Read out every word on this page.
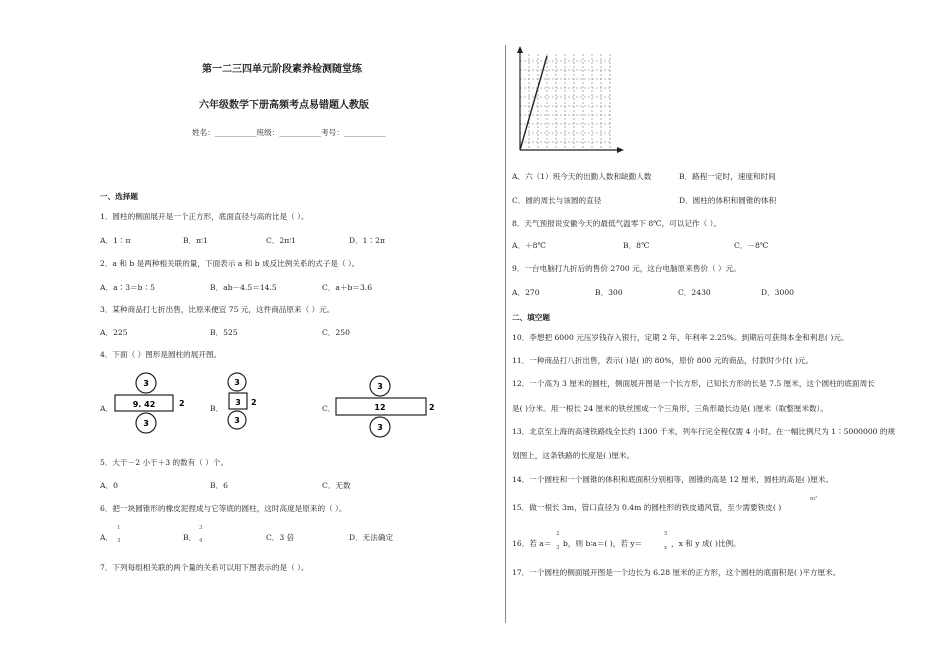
第一二三四单元阶段素养检测随堂练
六年级数学下册高频考点易错题人教版
姓名：___________班级：___________考号：___________
一、选择题
1．圆柱的侧面展开是一个正方形，底面直径与高的比是（ ）。
A．1∶π	B．π∶1	C．2π∶1	D．1∶2π
2．a 和 b 是两种相关联的量，下面表示 a 和 b 成反比例关系的式子是（ ）。
A．a∶3＝b∶5	B．ab－4.5＝14.5	C．a＋b＝3.6
3．某种商品打七折出售，比原来便宜 75 元，这件商品原来（ ）元。
A．225	B．525	C．250
4．下面（ ）图形是圆柱的展开图。
A．
3
9. 42	2
3
B．
3
3 2
3
C．
3
12	2
3
5．大于－2 小于＋3 的数有（ ）个。
A．0	B．6	C．无数
6．把一块圆锥形的橡皮泥捏成与它等底的圆柱，这时高度是原来的（ ）。
A．
1
3	B．
3
4	C．3 倍	D．无法确定
7．下列每组相关联的两个量的关系可以用下图表示的是（ ）。
A．六（1）班今天的出勤人数和缺勤人数	B．路程一定时，速度和时间
C．圆的周长与该圆的直径	D．圆柱的体积和圆锥的体积
8．天气预报说安徽今天的最低气温零下 8℃，可以记作（ ）。
A．＋8℃	B．8℃	C．－8℃
9．一台电脑打九折后的售价 2700 元，这台电脑原来售价（ ）元。
A．270	B．300	C．2430	D．3000
二、填空题
10．李想把 6000 元压岁钱存入银行，定期 2 年，年利率 2.25%。到期后可获得本金和利息( )元。
11．一种商品打八折出售，表示( )是( )的 80%，原价 800 元的商品，付款时少付( )元。
12．一个高为 3 厘米的圆柱，侧面展开图是一个长方形，已知长方形的长是 7.5 厘米，这个圆柱的底面周长
是( )分米。用一根长 24 厘米的铁丝围成一个三角形，三角形最长边是( )厘米（取整厘米数）。
13．北京至上海的高速铁路线全长约 1300 千米，列车行完全程仅需 4 小时。在一幅比例尺为 1∶5000000 的规
划图上，这条铁路的长度是( )厘米。
14．一个圆柱和一个圆锥的体积和底面积分别相等，圆锥的高是 12 厘米，圆柱的高是( )厘米。
15．做一根长 3m，管口直径为 0.4m 的圆柱形的铁皮通风管，至少需要铁皮( )
m²
16．若 a＝
2
3 b，则 b∶a＝( )，若 y＝
5
x ，x 和 y 成( )比例。
17．一个圆柱的侧面展开图是一个边长为 6.28 厘米的正方形，这个圆柱的底面积是( )平方厘米。
